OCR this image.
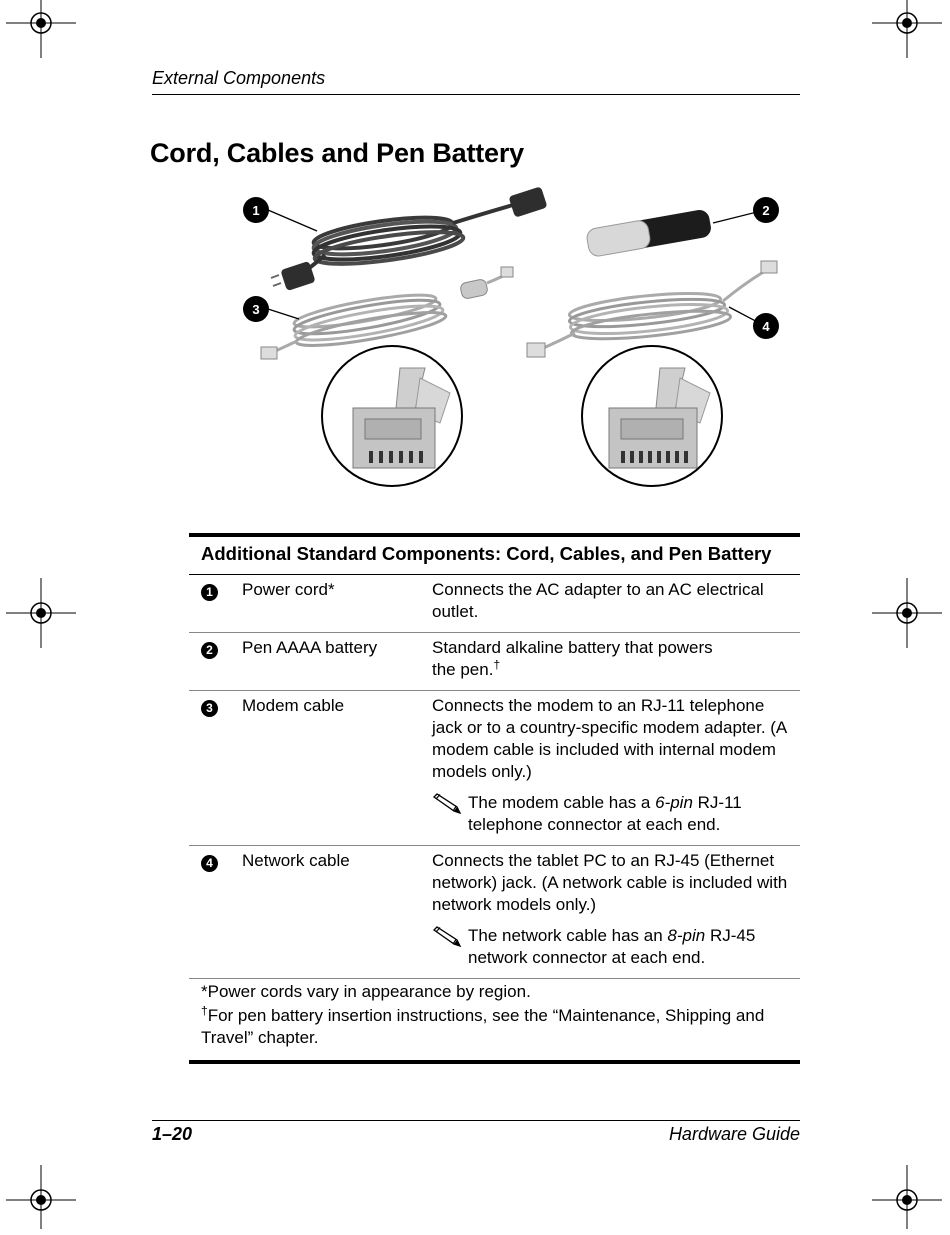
External Components
Cord, Cables and Pen Battery
1	2
3
4
Additional Standard Components: Cord, Cables, and Pen Battery
1	Power cord*	Connects the AC adapter to an AC electrical outlet.
2	Pen AAAA battery	Standard alkaline battery that powers
the pen.†
3	Modem cable	Connects the modem to an RJ-11 telephone jack or to a country-specific modem adapter. (A modem cable is included with internal modem models only.)
The modem cable has a 6-pin RJ-11 telephone connector at each end.
4	Network cable	Connects the tablet PC to an RJ-45 (Ethernet network) jack. (A network cable is included with network models only.)
The network cable has an 8-pin RJ-45 network connector at each end.

*Power cords vary in appearance by region.

†For pen battery insertion instructions, see the “Maintenance, Shipping and Travel” chapter.

1–20	Hardware Guide
